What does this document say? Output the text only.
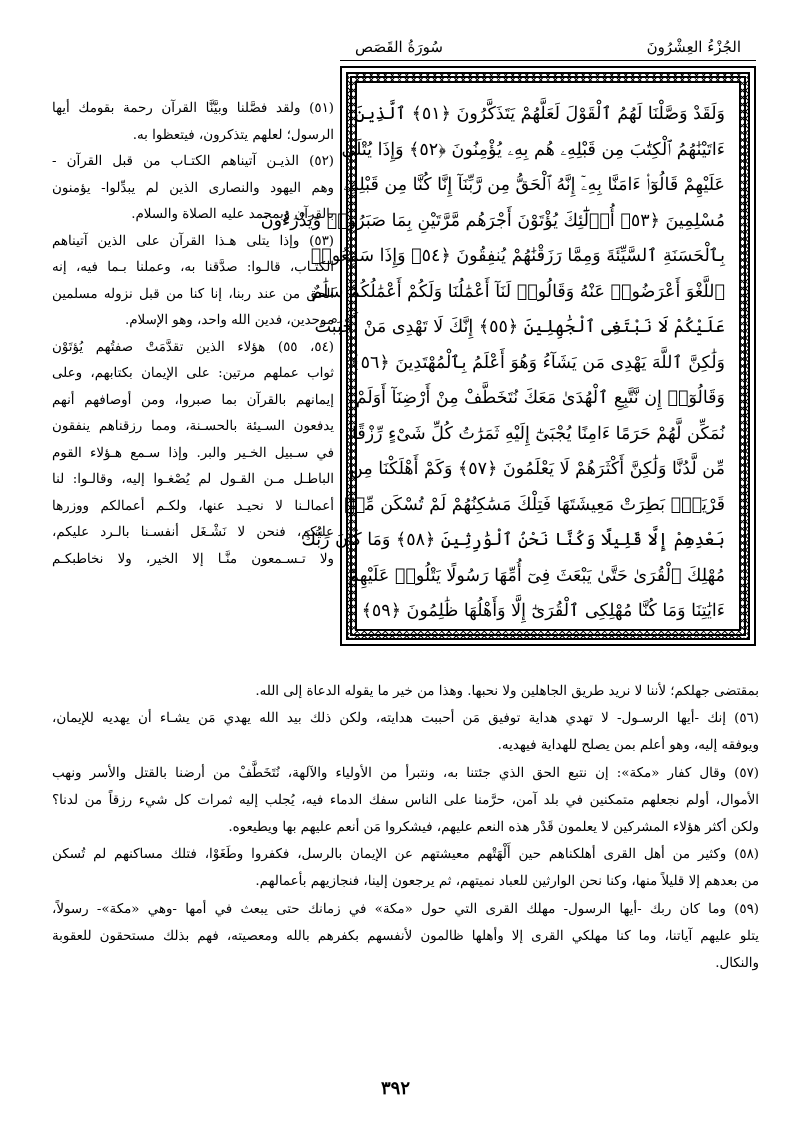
الجُزْءُ العِشْرُونَ
سُورَةُ القَصَص
وَلَقَدْ وَصَّلْنَا لَهُمُ ٱلْقَوْلَ لَعَلَّهُمْ يَتَذَكَّرُونَ ﴿٥١﴾ ٱلَّذِينَ
ءَاتَيْنَٰهُمُ ٱلْكِتَٰبَ مِن قَبْلِهِۦ هُم بِهِۦ يُؤْمِنُونَ ﴿٥٢﴾ وَإِذَا يُتْلَىٰ
عَلَيْهِمْ قَالُوٓا۟ ءَامَنَّا بِهِۦٓ إِنَّهُ ٱلْحَقُّ مِن رَّبِّنَآ إِنَّا كُنَّا مِن قَبْلِهِۦ
مُسْلِمِينَ ﴿٥٣﴾ أُو۟لَٰٓئِكَ يُؤْتَوْنَ أَجْرَهُم مَّرَّتَيْنِ بِمَا صَبَرُوا۟ وَيَدْرَءُونَ
بِٱلْحَسَنَةِ ٱلسَّيِّئَةَ وَمِمَّا رَزَقْنَٰهُمْ يُنفِقُونَ ﴿٥٤﴾ وَإِذَا سَمِعُوا۟
ٱللَّغْوَ أَعْرَضُوا۟ عَنْهُ وَقَالُوا۟ لَنَآ أَعْمَٰلُنَا وَلَكُمْ أَعْمَٰلُكُمْ سَلَٰمٌ
عَلَيْكُمْ لَا نَبْتَغِى ٱلْجَٰهِلِينَ ﴿٥٥﴾ إِنَّكَ لَا تَهْدِى مَنْ أَحْبَبْتَ
وَلَٰكِنَّ ٱللَّهَ يَهْدِى مَن يَشَآءُ وَهُوَ أَعْلَمُ بِٱلْمُهْتَدِينَ ﴿٥٦﴾
وَقَالُوٓا۟ إِن نَّتَّبِعِ ٱلْهُدَىٰ مَعَكَ نُتَخَطَّفْ مِنْ أَرْضِنَآ أَوَلَمْ
نُمَكِّن لَّهُمْ حَرَمًا ءَامِنًا يُجْبَىٰٓ إِلَيْهِ ثَمَرَٰتُ كُلِّ شَىْءٍ رِّزْقًا
مِّن لَّدُنَّا وَلَٰكِنَّ أَكْثَرَهُمْ لَا يَعْلَمُونَ ﴿٥٧﴾ وَكَمْ أَهْلَكْنَا مِن
قَرْيَةٍۭ بَطِرَتْ مَعِيشَتَهَا فَتِلْكَ مَسَٰكِنُهُمْ لَمْ تُسْكَن مِّنۢ
بَعْدِهِمْ إِلَّا قَلِيلًا وَكُنَّا نَحْنُ ٱلْوَٰرِثِينَ ﴿٥٨﴾ وَمَا كَانَ رَبُّكَ
مُهْلِكَ ٱلْقُرَىٰ حَتَّىٰ يَبْعَثَ فِىٓ أُمِّهَا رَسُولًا يَتْلُوا۟ عَلَيْهِمْ
ءَايَٰتِنَا وَمَا كُنَّا مُهْلِكِى ٱلْقُرَىٰٓ إِلَّا وَأَهْلُهَا ظَٰلِمُونَ ﴿٥٩﴾
(٥١) ولقد فصَّلنا وبيَّنَّا القرآن رحمة بقومك أيها
الرسول؛ لعلهم يتذكرون، فيتعظوا به.
(٥٢) الذيـن آتيناهم الكتـاب من قبل القرآن -
وهم اليهود والنصارى الذين لم يبدِّلوا- يؤمنون
بالقرآن وبمحمد عليه الصلاة والسلام.
(٥٣) وإذا يتلى هـذا القرآن على الذين آتيناهم
الكتـاب، قالـوا: صدَّقنا به، وعملنا بـما فيه، إنه
الحق من عند ربنا، إنا كنا من قبل نزوله مسلمين
موحدين، فدين الله واحد، وهو الإسلام.
(٥٤، ٥٥) هؤلاء الذين تقدَّمَتْ صفتُهم يُؤتَوْن
ثواب عملهم مرتين: على الإيمان بكتابهم، وعلى
إيمانهم بالقرآن بما صبروا، ومن أوصافهم أنهم
يدفعون السـيئة بالحسـنة، ومما رزقناهم ينفقون
في سـبيل الخـير والبر. وإذا سـمع هـؤلاء القوم
الباطـل مـن القـول لم يُصْغـوا إليه، وقالـوا: لنا
أعمالـنا لا نحيـد عنها، ولكـم أعمالكم ووزرها
عليكم، فنحن لا نَشْـغَل أنفسـنا بالـرد عليكم،
ولا تـسـمعون منَّـا إلا الخير، ولا نخاطبكـم
بمقتضى جهلكم؛ لأننا لا نريد طريق الجاهلين ولا نحبها. وهذا من خير ما يقوله الدعاة إلى الله.
(٥٦) إنك -أيها الرسـول- لا تهدي هداية توفيق مَن أحببت هدايته، ولكن ذلك بيد الله يهدي مَن يشـاء أن يهديه للإيمان،
ويوفقه إليه، وهو أعلم بمن يصلح للهداية فيهديه.
(٥٧) وقال كفار «مكة»: إن نتبع الحق الذي جئتنا به، ونتبرأ من الأولياء والآلهة، نُتَخَطَّفْ من أرضنا بالقتل والأسر ونهب
الأموال، أولم نجعلهم متمكنين في بلد آمن، حرَّمنا على الناس سفك الدماء فيه، يُجلب إليه ثمرات كل شيء رزقاً من لدنا؟
ولكن أكثر هؤلاء المشركين لا يعلمون قَدْر هذه النعم عليهم، فيشكروا مَن أنعم عليهم بها ويطيعوه.
(٥٨) وكثير من أهل القرى أهلكناهم حين أَلْهَتْهم معيشتهم عن الإيمان بالرسل، فكفروا وطَغَوْا، فتلك مساكنهم لم تُسكن
من بعدهم إلا قليلاً منها، وكنا نحن الوارثين للعباد نميتهم، ثم يرجعون إلينا، فنجازيهم بأعمالهم.
(٥٩) وما كان ربك -أيها الرسول- مهلك القرى التي حول «مكة» في زمانك حتى يبعث في أمها -وهي «مكة»- رسولاً،
يتلو عليهم آياتنا، وما كنا مهلكي القرى إلا وأهلها ظالمون لأنفسهم بكفرهم بالله ومعصيته، فهم بذلك مستحقون للعقوبة
والنكال.
٣٩٢
